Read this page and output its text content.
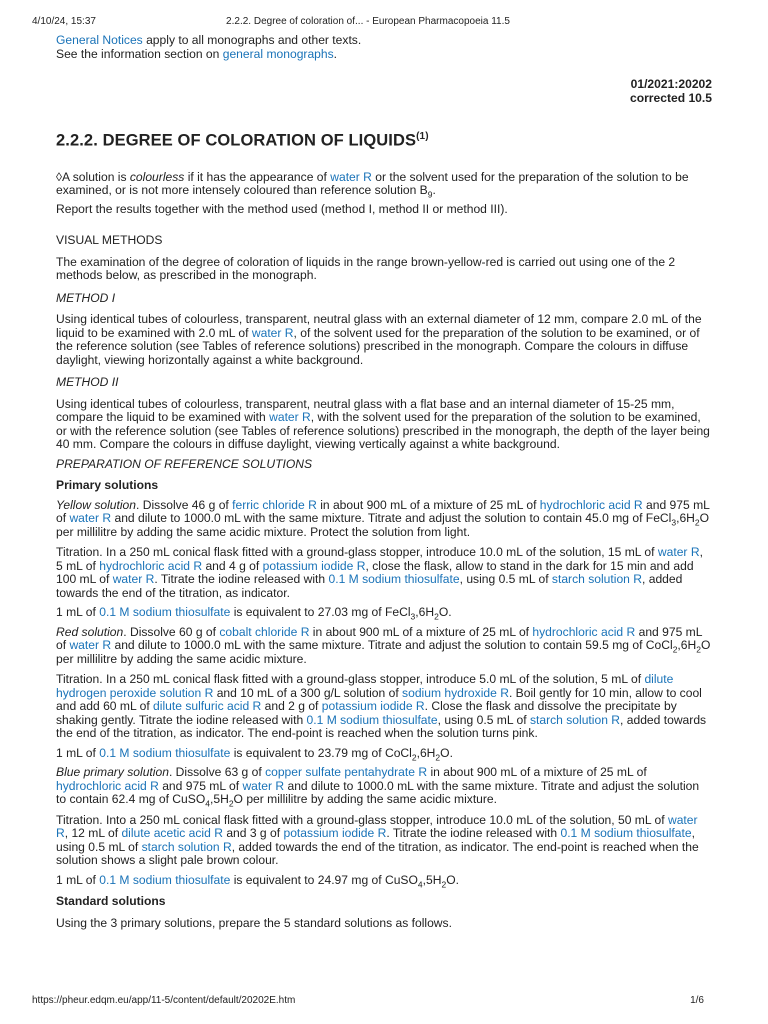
4/10/24, 15:37	2.2.2. Degree of coloration of... - European Pharmacopoeia 11.5

General Notices apply to all monographs and other texts.

See the information section on general monographs.

01/2021:20202
corrected 10.5
2.2.2. DEGREE OF COLORATION OF LIQUIDS$^{(1)}$

◊A solution is colourless if it has the appearance of water R or the solvent used for the preparation of the solution to be examined, or is not more intensely coloured than reference solution $B_9$.

Report the results together with the method used (method I, method II or method III).

VISUAL METHODS

The examination of the degree of coloration of liquids in the range brown-yellow-red is carried out using one of the 2 methods below, as prescribed in the monograph.

METHOD I

Using identical tubes of colourless, transparent, neutral glass with an external diameter of 12 mm, compare 2.0 mL of the liquid to be examined with 2.0 mL of water R, of the solvent used for the preparation of the solution to be examined, or of the reference solution (see Tables of reference solutions) prescribed in the monograph. Compare the colours in diffuse daylight, viewing horizontally against a white background.

METHOD II

Using identical tubes of colourless, transparent, neutral glass with a flat base and an internal diameter of 15-25 mm, compare the liquid to be examined with water R, with the solvent used for the preparation of the solution to be examined, or with the reference solution (see Tables of reference solutions) prescribed in the monograph, the depth of the layer being 40 mm. Compare the colours in diffuse daylight, viewing vertically against a white background.

PREPARATION OF REFERENCE SOLUTIONS

Primary solutions

Yellow solution. Dissolve 46 g of ferric chloride R in about 900 mL of a mixture of 25 mL of hydrochloric acid R and 975 mL of water R and dilute to 1000.0 mL with the same mixture. Titrate and adjust the solution to contain 45.0 mg of $FeCl_3,6H_2O$ per millilitre by adding the same acidic mixture. Protect the solution from light.

Titration. In a 250 mL conical flask fitted with a ground-glass stopper, introduce 10.0 mL of the solution, 15 mL of water R, 5 mL of hydrochloric acid R and 4 g of potassium iodide R, close the flask, allow to stand in the dark for 15 min and add 100 mL of water R. Titrate the iodine released with 0.1 M sodium thiosulfate, using 0.5 mL of starch solution R, added towards the end of the titration, as indicator.

1 mL of 0.1 M sodium thiosulfate is equivalent to 27.03 mg of $FeCl_3,6H_2O$.

Red solution. Dissolve 60 g of cobalt chloride R in about 900 mL of a mixture of 25 mL of hydrochloric acid R and 975 mL of water R and dilute to 1000.0 mL with the same mixture. Titrate and adjust the solution to contain 59.5 mg of $CoCl_2,6H_2O$ per millilitre by adding the same acidic mixture.

Titration. In a 250 mL conical flask fitted with a ground-glass stopper, introduce 5.0 mL of the solution, 5 mL of dilute hydrogen peroxide solution R and 10 mL of a 300 g/L solution of sodium hydroxide R. Boil gently for 10 min, allow to cool and add 60 mL of dilute sulfuric acid R and 2 g of potassium iodide R. Close the flask and dissolve the precipitate by shaking gently. Titrate the iodine released with 0.1 M sodium thiosulfate, using 0.5 mL of starch solution R, added towards the end of the titration, as indicator. The end-point is reached when the solution turns pink.

1 mL of 0.1 M sodium thiosulfate is equivalent to 23.79 mg of $CoCl_2,6H_2O$.

Blue primary solution. Dissolve 63 g of copper sulfate pentahydrate R in about 900 mL of a mixture of 25 mL of hydrochloric acid R and 975 mL of water R and dilute to 1000.0 mL with the same mixture. Titrate and adjust the solution to contain 62.4 mg of $CuSO_4,5H_2O$ per millilitre by adding the same acidic mixture.

Titration. Into a 250 mL conical flask fitted with a ground-glass stopper, introduce 10.0 mL of the solution, 50 mL of water R, 12 mL of dilute acetic acid R and 3 g of potassium iodide R. Titrate the iodine released with 0.1 M sodium thiosulfate, using 0.5 mL of starch solution R, added towards the end of the titration, as indicator. The end-point is reached when the solution shows a slight pale brown colour.

1 mL of 0.1 M sodium thiosulfate is equivalent to 24.97 mg of $CuSO_4,5H_2O$.

Standard solutions

Using the 3 primary solutions, prepare the 5 standard solutions as follows.

https://pheur.edqm.eu/app/11-5/content/default/20202E.htm	1/6
